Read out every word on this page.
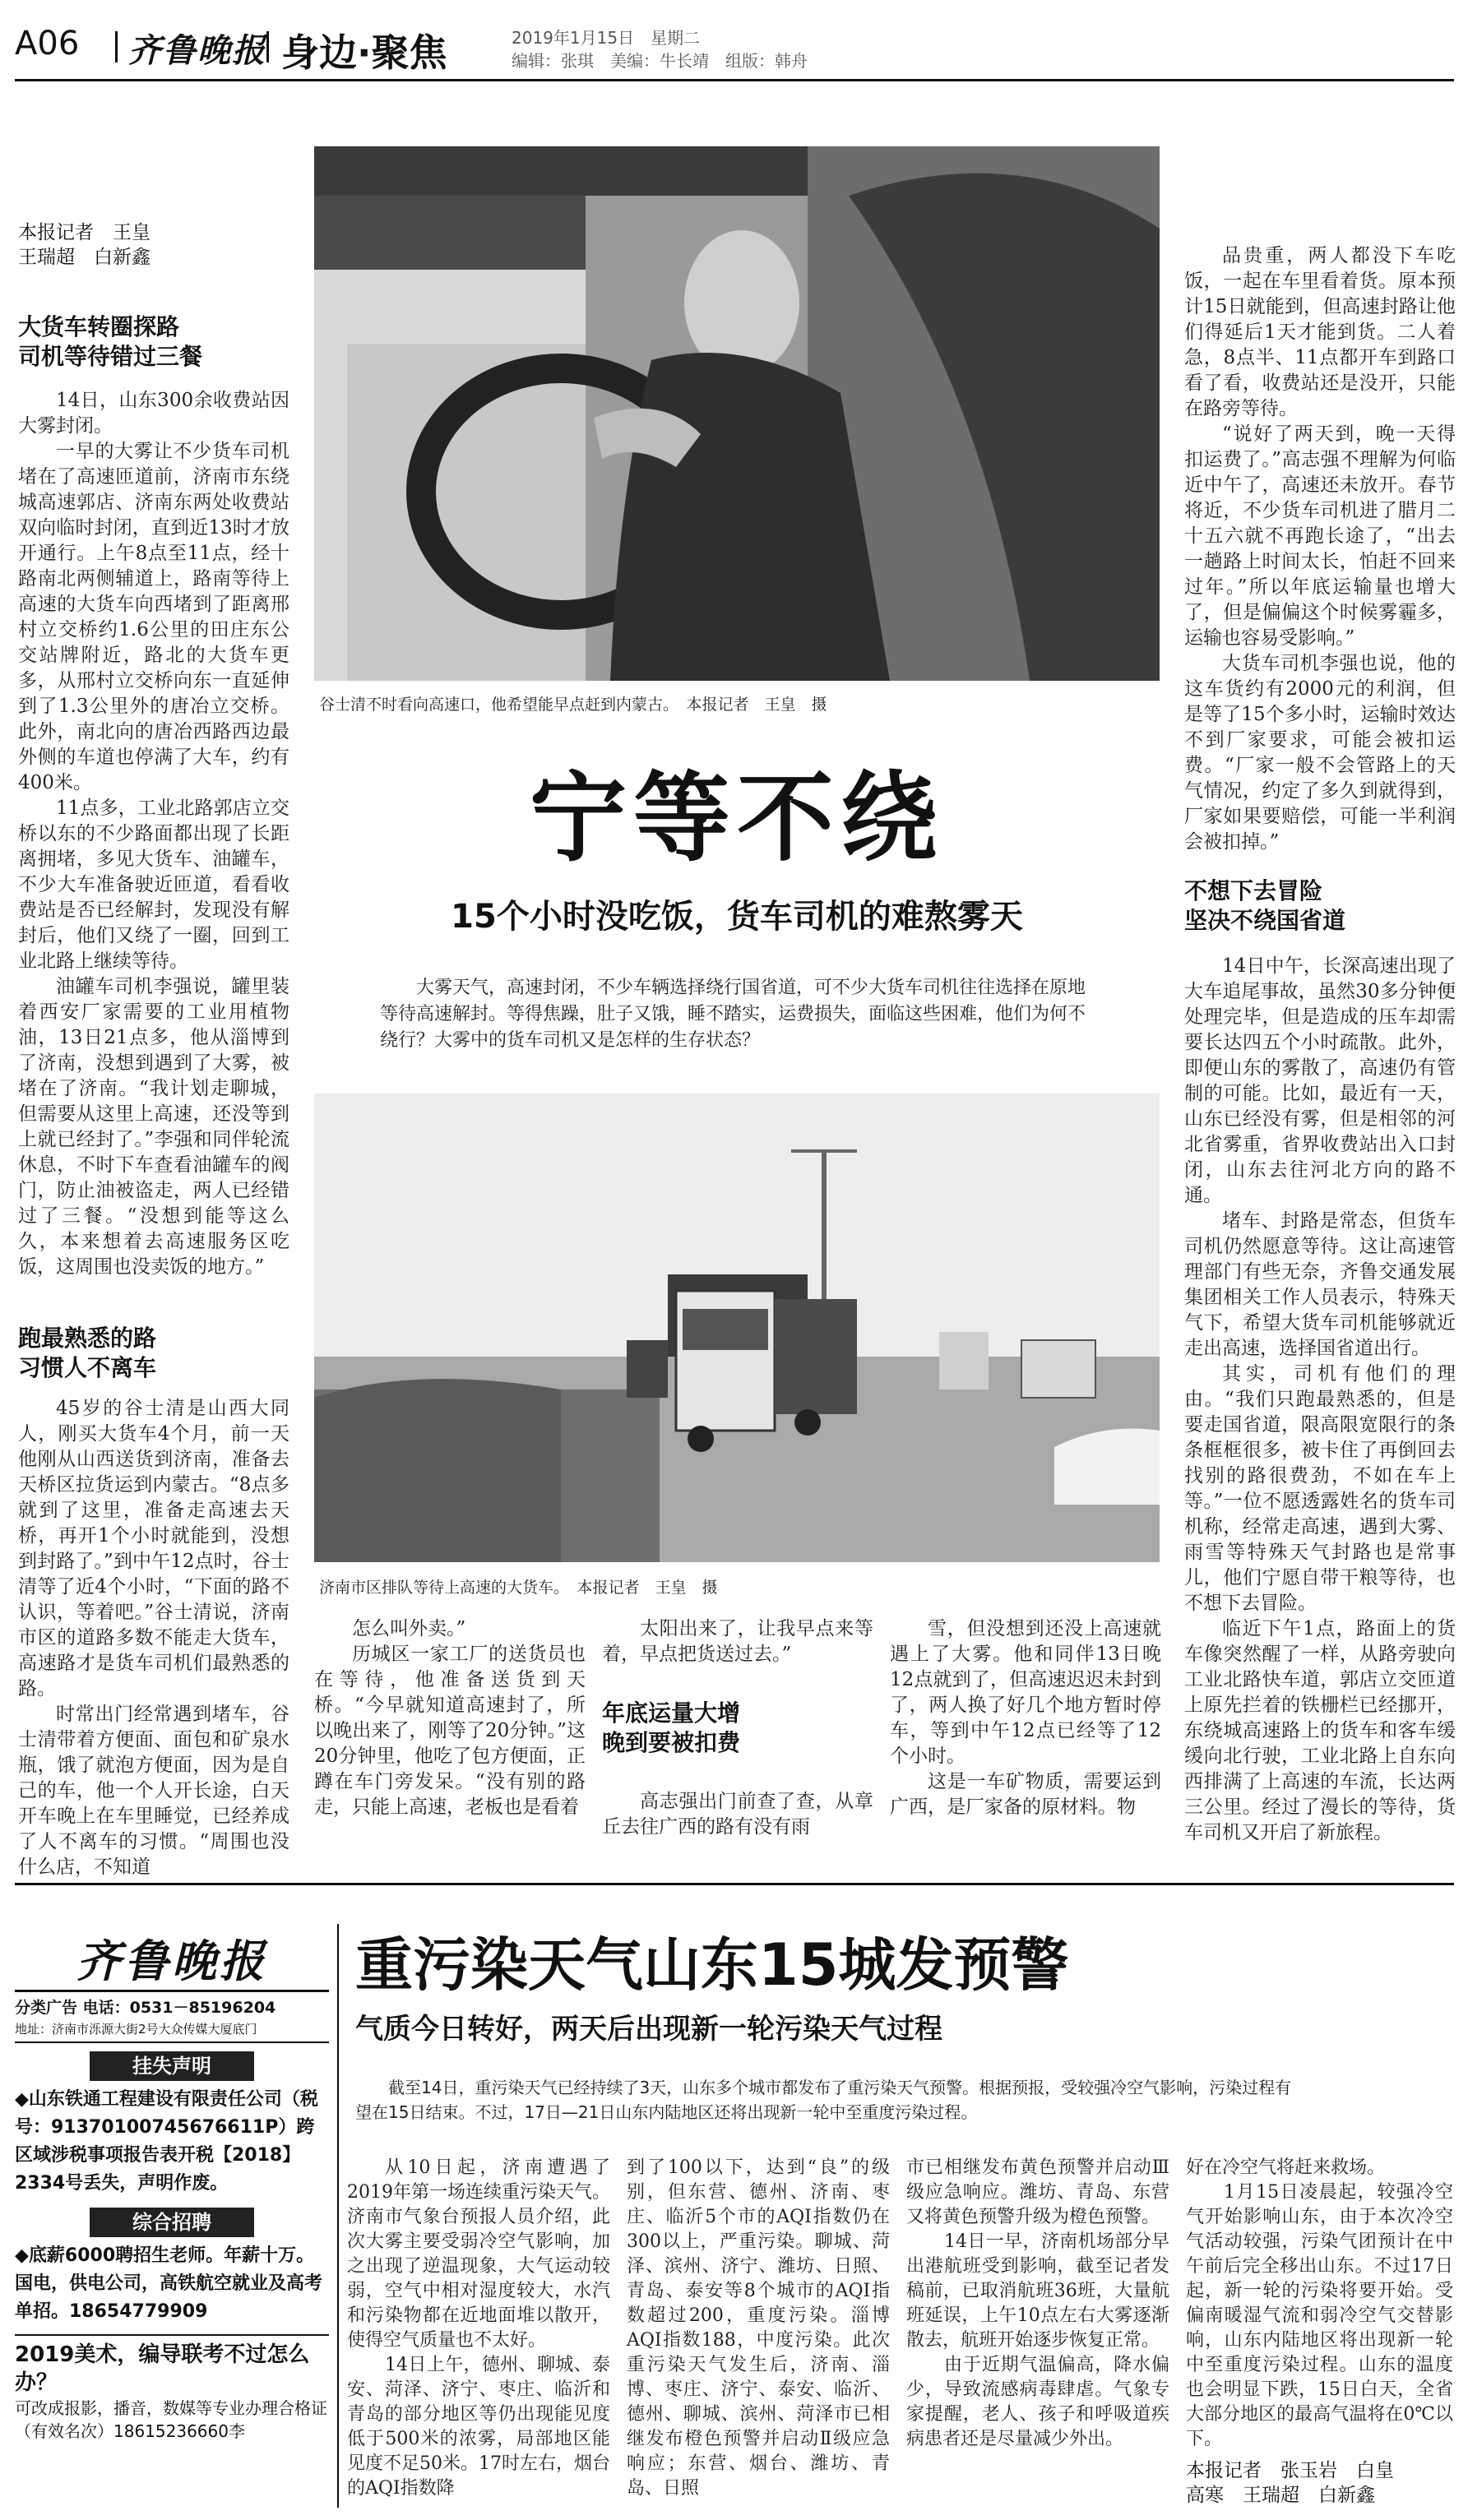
A06 齐鲁晚报 身边·聚焦	2019年1月15日　星期二
编辑：张琪　美编：牛长靖　组版：韩舟
本报记者　王皇
王瑞超　白新鑫
大货车转圈探路
司机等待错过三餐

14日，山东300余收费站因大雾封闭。

一早的大雾让不少货车司机堵在了高速匝道前，济南市东绕城高速郭店、济南东两处收费站双向临时封闭，直到近13时才放开通行。上午8点至11点，经十路南北两侧辅道上，路南等待上高速的大货车向西堵到了距离邢村立交桥约1.6公里的田庄东公交站牌附近，路北的大货车更多，从邢村立交桥向东一直延伸到了1.3公里外的唐冶立交桥。此外，南北向的唐冶西路西边最外侧的车道也停满了大车，约有400米。

11点多，工业北路郭店立交桥以东的不少路面都出现了长距离拥堵，多见大货车、油罐车，不少大车准备驶近匝道，看看收费站是否已经解封，发现没有解封后，他们又绕了一圈，回到工业北路上继续等待。

油罐车司机李强说，罐里装着西安厂家需要的工业用植物油，13日21点多，他从淄博到了济南，没想到遇到了大雾，被堵在了济南。“我计划走聊城，但需要从这里上高速，还没等到上就已经封了。”李强和同伴轮流休息，不时下车查看油罐车的阀门，防止油被盗走，两人已经错过了三餐。“没想到能等这么久，本来想着去高速服务区吃饭，这周围也没卖饭的地方。”

跑最熟悉的路
习惯人不离车

45岁的谷士清是山西大同人，刚买大货车4个月，前一天他刚从山西送货到济南，准备去天桥区拉货运到内蒙古。“8点多就到了这里，准备走高速去天桥，再开1个小时就能到，没想到封路了。”到中午12点时，谷士清等了近4个小时，“下面的路不认识，等着吧。”谷士清说，济南市区的道路多数不能走大货车，高速路才是货车司机们最熟悉的路。

时常出门经常遇到堵车，谷士清带着方便面、面包和矿泉水瓶，饿了就泡方便面，因为是自己的车，他一个人开长途，白天开车晚上在车里睡觉，已经养成了人不离车的习惯。“周围也没什么店，不知道

谷士清不时看向高速口，他希望能早点赶到内蒙古。　本报记者　王皇　摄

品贵重，两人都没下车吃饭，一起在车里看着货。原本预计15日就能到，但高速封路让他们得延后1天才能到货。二人着急，8点半、11点都开车到路口看了看，收费站还是没开，只能在路旁等待。

“说好了两天到，晚一天得扣运费了。”高志强不理解为何临近中午了，高速还未放开。春节将近，不少货车司机进了腊月二十五六就不再跑长途了，“出去一趟路上时间太长，怕赶不回来过年。”所以年底运输量也增大了，但是偏偏这个时候雾霾多，运输也容易受影响。”

大货车司机李强也说，他的这车货约有2000元的利润，但是等了15个多小时，运输时效达不到厂家要求，可能会被扣运费。“厂家一般不会管路上的天气情况，约定了多久到就得到，厂家如果要赔偿，可能一半利润会被扣掉。”

不想下去冒险
坚决不绕国省道

14日中午，长深高速出现了大车追尾事故，虽然30多分钟便处理完毕，但是造成的压车却需要长达四五个小时疏散。此外，即便山东的雾散了，高速仍有管制的可能。比如，最近有一天，山东已经没有雾，但是相邻的河北省雾重，省界收费站出入口封闭，山东去往河北方向的路不通。

堵车、封路是常态，但货车司机仍然愿意等待。这让高速管理部门有些无奈，齐鲁交通发展集团相关工作人员表示，特殊天气下，希望大货车司机能够就近走出高速，选择国省道出行。

其实，司机有他们的理由。“我们只跑最熟悉的，但是要走国省道，限高限宽限行的条条框框很多，被卡住了再倒回去找别的路很费劲，不如在车上等。”一位不愿透露姓名的货车司机称，经常走高速，遇到大雾、雨雪等特殊天气封路也是常事儿，他们宁愿自带干粮等待，也不想下去冒险。

临近下午1点，路面上的货车像突然醒了一样，从路旁驶向工业北路快车道，郭店立交匝道上原先拦着的铁栅栏已经挪开，东绕城高速路上的货车和客车缓缓向北行驶，工业北路上自东向西排满了上高速的车流，长达两三公里。经过了漫长的等待，货车司机又开启了新旅程。

宁等不绕
15个小时没吃饭，货车司机的难熬雾天
大雾天气，高速封闭，不少车辆选择绕行国省道，可不少大货车司机往往选择在原地等待高速解封。等得焦躁，肚子又饿，睡不踏实，运费损失，面临这些困难，他们为何不绕行？大雾中的货车司机又是怎样的生存状态？
济南市区排队等待上高速的大货车。　本报记者　王皇　摄

怎么叫外卖。”

历城区一家工厂的送货员也在等待，他准备送货到天桥。“今早就知道高速封了，所以晚出来了，刚等了20分钟。”这20分钟里，他吃了包方便面，正蹲在车门旁发呆。“没有别的路走，只能上高速，老板也是看着

太阳出来了，让我早点来等着，早点把货送过去。”

年底运量大增
晚到要被扣费

高志强出门前查了查，从章丘去往广西的路有没有雨

雪，但没想到还没上高速就遇上了大雾。他和同伴13日晚12点就到了，但高速迟迟未封到了，两人换了好几个地方暂时停车，等到中午12点已经等了12个小时。

这是一车矿物质，需要运到广西，是厂家备的原材料。物

齐鲁晚报
分类广告 电话：0531－85196204
地址：济南市泺源大街2号大众传媒大厦底门
挂失声明
◆山东铁通工程建设有限责任公司（税号：91370100745676611P）跨区域涉税事项报告表开税【2018】2334号丢失，声明作废。
综合招聘
◆底薪6000聘招生老师。年薪十万。国电，供电公司，高铁航空就业及高考单招。18654779909
2019美术，编导联考不过怎么办？
可改成报影，播音，数媒等专业办理合格证（有效名次）18615236660李
重污染天气山东15城发预警
气质今日转好，两天后出现新一轮污染天气过程
截至14日，重污染天气已经持续了3天，山东多个城市都发布了重污染天气预警。根据预报，受较强冷空气影响，污染过程有望在15日结束。不过，17日—21日山东内陆地区还将出现新一轮中至重度污染过程。

从10日起，济南遭遇了2019年第一场连续重污染天气。济南市气象台预报人员介绍，此次大雾主要受弱冷空气影响，加之出现了逆温现象，大气运动较弱，空气中相对湿度较大，水汽和污染物都在近地面堆以散开，使得空气质量也不太好。

14日上午，德州、聊城、泰安、菏泽、济宁、枣庄、临沂和青岛的部分地区等仍出现能见度低于500米的浓雾，局部地区能见度不足50米。17时左右，烟台的AQI指数降

到了100以下，达到“良”的级别，但东营、德州、济南、枣庄、临沂5个市的AQI指数仍在300以上，严重污染。聊城、菏泽、滨州、济宁、潍坊、日照、青岛、泰安等8个城市的AQI指数超过200，重度污染。淄博AQI指数188，中度污染。此次重污染天气发生后，济南、淄博、枣庄、济宁、泰安、临沂、德州、聊城、滨州、菏泽市已相继发布橙色预警并启动Ⅱ级应急响应；东营、烟台、潍坊、青岛、日照

市已相继发布黄色预警并启动Ⅲ级应急响应。潍坊、青岛、东营又将黄色预警升级为橙色预警。

14日一早，济南机场部分早出港航班受到影响，截至记者发稿前，已取消航班36班，大量航班延误，上午10点左右大雾逐渐散去，航班开始逐步恢复正常。

由于近期气温偏高，降水偏少，导致流感病毒肆虐。气象专家提醒，老人、孩子和呼吸道疾病患者还是尽量减少外出。

好在冷空气将赶来救场。

1月15日凌晨起，较强冷空气开始影响山东，由于本次冷空气活动较强，污染气团预计在中午前后完全移出山东。不过17日起，新一轮的污染将要开始。受偏南暖湿气流和弱冷空气交替影响，山东内陆地区将出现新一轮中至重度污染过程。山东的温度也会明显下跌，15日白天，全省大部分地区的最高气温将在0℃以下。

本报记者　张玉岩　白皇
高寒　王瑞超　白新鑫
